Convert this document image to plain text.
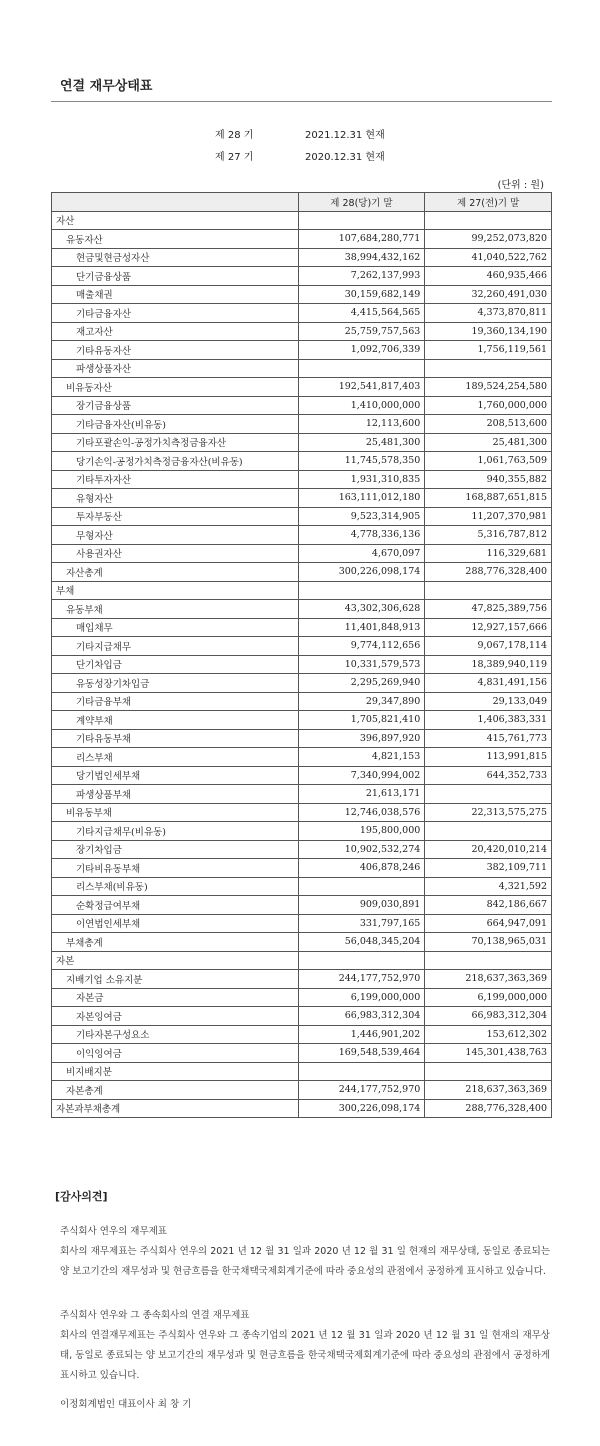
연결 재무상태표
제 28 기	2021.12.31 현재
제 27 기	2020.12.31 현재
(단위 : 원)
	제 28(당)기 말	제 27(전)기 말
자산		
유동자산	107,684,280,771	99,252,073,820
현금및현금성자산	38,994,432,162	41,040,522,762
단기금융상품	7,262,137,993	460,935,466
매출채권	30,159,682,149	32,260,491,030
기타금융자산	4,415,564,565	4,373,870,811
재고자산	25,759,757,563	19,360,134,190
기타유동자산	1,092,706,339	1,756,119,561
파생상품자산		
비유동자산	192,541,817,403	189,524,254,580
장기금융상품	1,410,000,000	1,760,000,000
기타금융자산(비유동)	12,113,600	208,513,600
기타포괄손익-공정가치측정금융자산	25,481,300	25,481,300
당기손익-공정가치측정금융자산(비유동)	11,745,578,350	1,061,763,509
기타투자자산	1,931,310,835	940,355,882
유형자산	163,111,012,180	168,887,651,815
투자부동산	9,523,314,905	11,207,370,981
무형자산	4,778,336,136	5,316,787,812
사용권자산	4,670,097	116,329,681
자산총계	300,226,098,174	288,776,328,400
부채		
유동부채	43,302,306,628	47,825,389,756
매입채무	11,401,848,913	12,927,157,666
기타지급채무	9,774,112,656	9,067,178,114
단기차입금	10,331,579,573	18,389,940,119
유동성장기차입금	2,295,269,940	4,831,491,156
기타금융부채	29,347,890	29,133,049
계약부채	1,705,821,410	1,406,383,331
기타유동부채	396,897,920	415,761,773
리스부채	4,821,153	113,991,815
당기법인세부채	7,340,994,002	644,352,733
파생상품부채	21,613,171	
비유동부채	12,746,038,576	22,313,575,275
기타지급채무(비유동)	195,800,000	
장기차입금	10,902,532,274	20,420,010,214
기타비유동부채	406,878,246	382,109,711
리스부채(비유동)		4,321,592
순확정급여부채	909,030,891	842,186,667
이연법인세부채	331,797,165	664,947,091
부채총계	56,048,345,204	70,138,965,031
자본		
지배기업 소유지분	244,177,752,970	218,637,363,369
자본금	6,199,000,000	6,199,000,000
자본잉여금	66,983,312,304	66,983,312,304
기타자본구성요소	1,446,901,202	153,612,302
이익잉여금	169,548,539,464	145,301,438,763
비지배지분		
자본총계	244,177,752,970	218,637,363,369
자본과부채총계	300,226,098,174	288,776,328,400
[감사의견]

주식회사 연우의 재무제표

회사의 재무제표는 주식회사 연우의 2021 년 12 월 31 일과 2020 년 12 월 31 일 현재의 재무상태, 동일로 종료되는 양 보고기간의 재무성과 및 현금흐름을 한국채택국제회계기준에 따라 중요성의 관점에서 공정하게 표시하고 있습니다.

주식회사 연우와 그 종속회사의 연결 재무제표

회사의 연결재무제표는 주식회사 연우와 그 종속기업의 2021 년 12 월 31 일과 2020 년 12 월 31 일 현재의 재무상태, 동일로 종료되는 양 보고기간의 재무성과 및 현금흐름을 한국채택국제회계기준에 따라 중요성의 관점에서 공정하게 표시하고 있습니다.

이정회계법인 대표이사 최 창 기
